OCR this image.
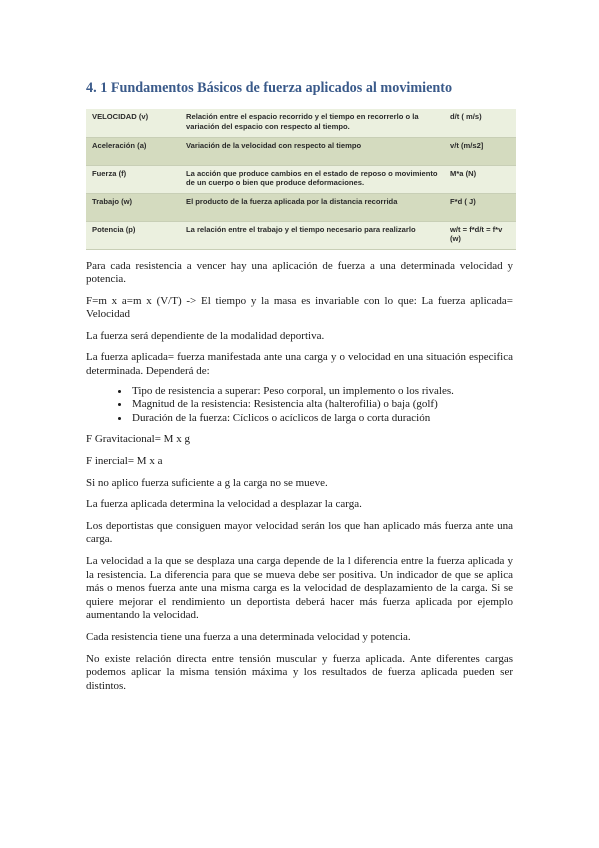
4. 1 Fundamentos Básicos de fuerza aplicados al movimiento
VELOCIDAD (v)	Relación entre el espacio recorrido y el tiempo en recorrerlo o la variación del espacio con respecto al tiempo.	d/t ( m/s)
Aceleración (a)	Variación de la velocidad con respecto al tiempo	v/t (m/s2]
Fuerza (f)	La acción que produce cambios en el estado de reposo o movimiento de un cuerpo o bien que produce deformaciones.	M*a (N)
Trabajo (w)	El producto de la fuerza aplicada por la distancia recorrida	F*d ( J)
Potencia (p)	La relación entre el trabajo y el tiempo necesario para realizarlo	w/t = f*d/t = f*v (w)

Para cada resistencia a vencer hay una aplicación de fuerza a una determinada velocidad y potencia.

F=m x a=m x (V/T) -> El tiempo y la masa es invariable con lo que: La fuerza aplicada= Velocidad

La fuerza será dependiente de la modalidad deportiva.

La fuerza aplicada= fuerza manifestada ante una carga y o velocidad en una situación especifica determinada. Dependerá de:

• Tipo de resistencia a superar: Peso corporal, un implemento o los rivales.
• Magnitud de la resistencia: Resistencia alta (halterofilia) o baja (golf)
• Duración de la fuerza: Cíclicos o acíclicos de larga o corta duración

F Gravitacional= M x g

F inercial= M x a

Si no aplico fuerza suficiente a g la carga no se mueve.

La fuerza aplicada determina la velocidad a desplazar la carga.

Los deportistas que consiguen mayor velocidad serán los que han aplicado más fuerza ante una carga.

La velocidad a la que se desplaza una carga depende de la l diferencia entre la fuerza aplicada y la resistencia. La diferencia para que se mueva debe ser positiva. Un indicador de que se aplica más o menos fuerza ante una misma carga es la velocidad de desplazamiento de la carga. Si se quiere mejorar el rendimiento un deportista deberá hacer más fuerza aplicada por ejemplo aumentando la velocidad.

Cada resistencia tiene una fuerza a una determinada velocidad y potencia.

No existe relación directa entre tensión muscular y fuerza aplicada. Ante diferentes cargas podemos aplicar la misma tensión máxima y los resultados de fuerza aplicada pueden ser distintos.
